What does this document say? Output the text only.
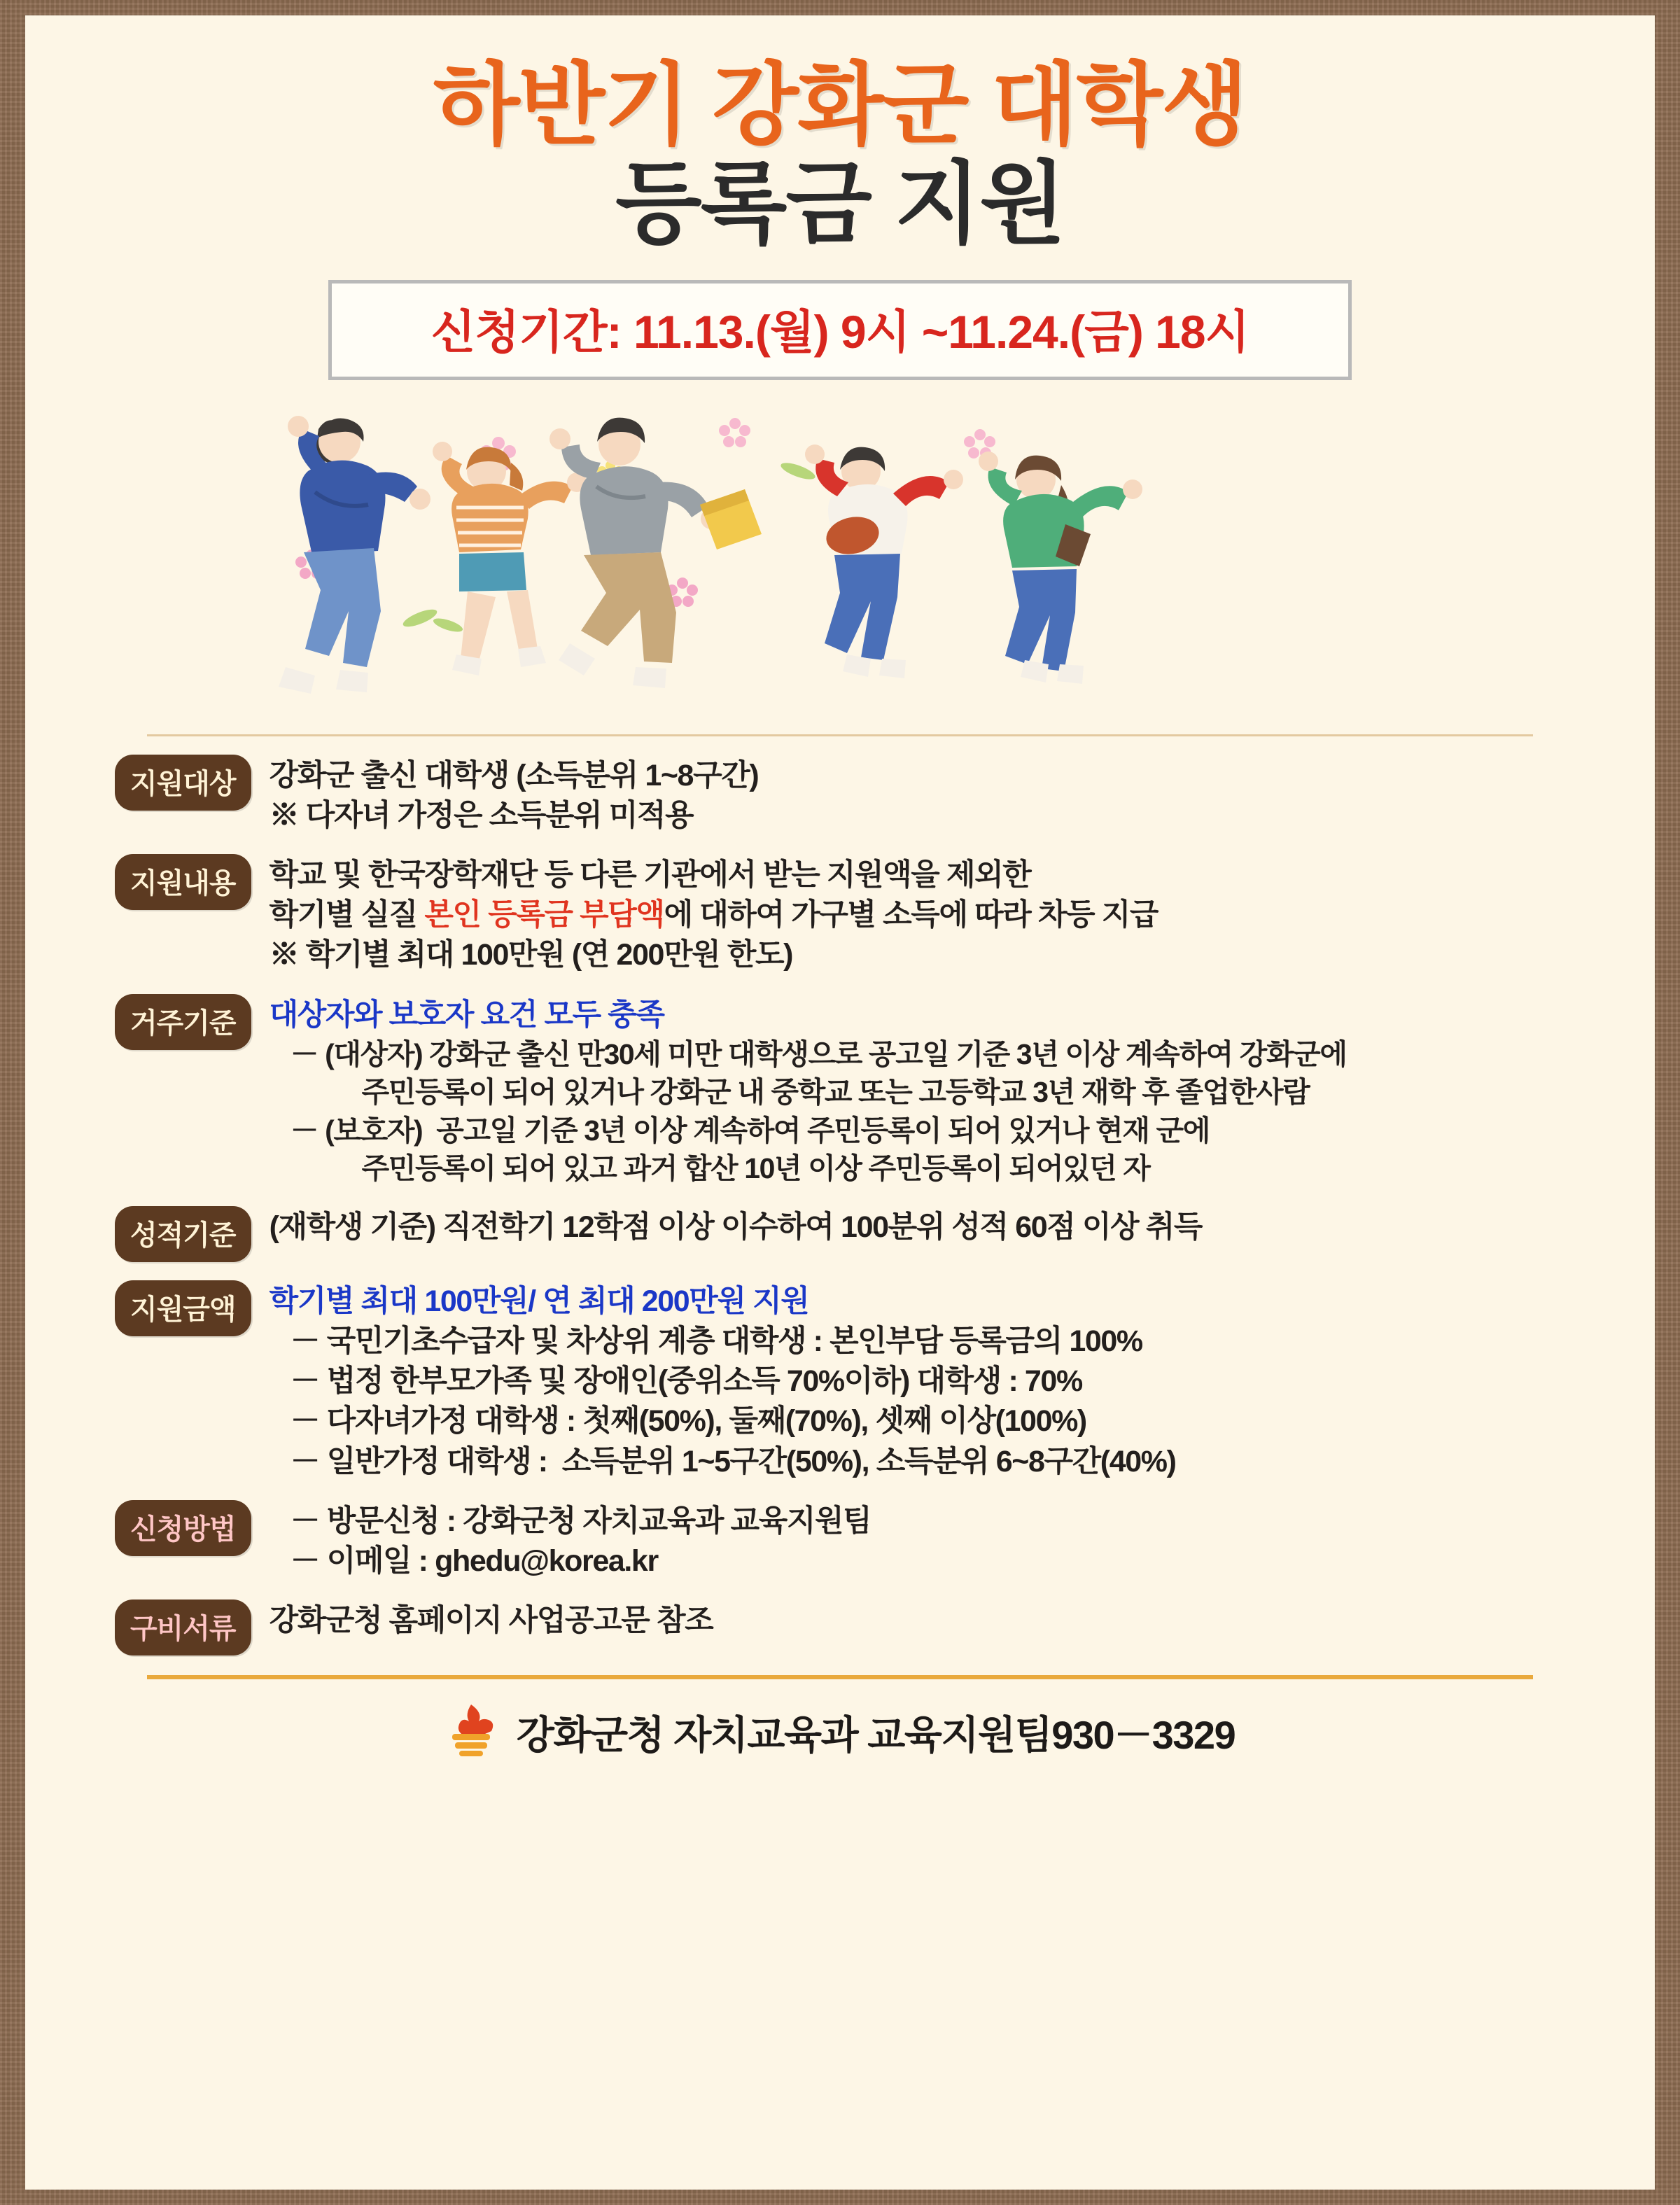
하반기 강화군 대학생
등록금 지원
신청기간: 11.13.(월) 9시 ~11.24.(금) 18시
지원대상	강화군 출신 대학생 (소득분위 1~8구간)
※ 다자녀 가정은 소득분위 미적용
지원내용	학교 및 한국장학재단 등 다른 기관에서 받는 지원액을 제외한
학기별 실질 본인 등록금 부담액에 대하여 가구별 소득에 따라 차등 지급
※ 학기별 최대 100만원 (연 200만원 한도)
거주기준	대상자와 보호자 요건 모두 충족
－ (대상자) 강화군 출신 만30세 미만 대학생으로 공고일 기준 3년 이상 계속하여 강화군에
주민등록이 되어 있거나 강화군 내 중학교 또는 고등학교 3년 재학 후 졸업한사람
－ (보호자)  공고일 기준 3년 이상 계속하여 주민등록이 되어 있거나 현재 군에
주민등록이 되어 있고 과거 합산 10년 이상 주민등록이 되어있던 자
성적기준	(재학생 기준) 직전학기 12학점 이상 이수하여 100분위 성적 60점 이상 취득
지원금액	학기별 최대 100만원/ 연 최대 200만원 지원
－ 국민기초수급자 및 차상위 계층 대학생 : 본인부담 등록금의 100%
－ 법정 한부모가족 및 장애인(중위소득 70%이하) 대학생 : 70%
－ 다자녀가정 대학생 : 첫째(50%), 둘째(70%), 셋째 이상(100%)
－ 일반가정 대학생 :  소득분위 1~5구간(50%), 소득분위 6~8구간(40%)
신청방법	－ 방문신청 : 강화군청 자치교육과 교육지원팀
－ 이메일 : ghedu@korea.kr
구비서류	강화군청 홈페이지 사업공고문 참조
강화군청 자치교육과 교육지원팀930－3329
